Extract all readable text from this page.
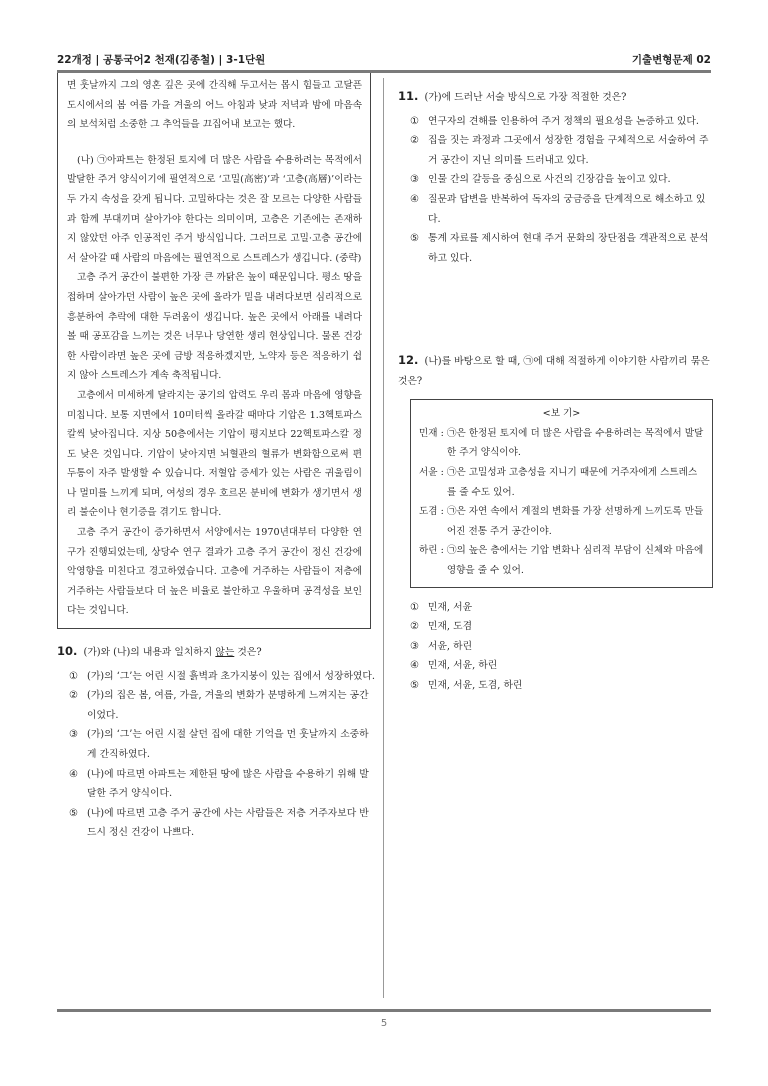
22개정 | 공통국어2 천재(김종철) | 3-1단원	기출변형문제 02

면 훗날까지 그의 영혼 깊은 곳에 간직해 두고서는 몹시 힘들고 고달픈 도시에서의 봄 여름 가을 겨울의 어느 아침과 낮과 저녁과 밤에 마음속의 보석처럼 소중한 그 추억들을 끄집어내 보고는 했다.

(나) ㉠아파트는 한정된 토지에 더 많은 사람을 수용하려는 목적에서 발달한 주거 양식이기에 필연적으로 ‘고밀(高密)’과 ‘고층(高層)’이라는 두 가지 속성을 갖게 됩니다. 고밀하다는 것은 잘 모르는 다양한 사람들과 함께 부대끼며 살아가야 한다는 의미이며, 고층은 기존에는 존재하지 않았던 아주 인공적인 주거 방식입니다. 그러므로 고밀·고층 공간에서 살아갈 때 사람의 마음에는 필연적으로 스트레스가 생깁니다. (중략)

고층 주거 공간이 불편한 가장 큰 까닭은 높이 때문입니다. 평소 땅을 접하며 살아가던 사람이 높은 곳에 올라가 밑을 내려다보면 심리적으로 흥분하여 추락에 대한 두려움이 생깁니다. 높은 곳에서 아래를 내려다볼 때 공포감을 느끼는 것은 너무나 당연한 생리 현상입니다. 물론 건강한 사람이라면 높은 곳에 금방 적응하겠지만, 노약자 등은 적응하기 쉽지 않아 스트레스가 계속 축적됩니다.

고층에서 미세하게 달라지는 공기의 압력도 우리 몸과 마음에 영향을 미칩니다. 보통 지면에서 10미터씩 올라갈 때마다 기압은 1.3헥토파스칼씩 낮아집니다. 지상 50층에서는 기압이 평지보다 22헥토파스칼 정도 낮은 것입니다. 기압이 낮아지면 뇌혈관의 혈류가 변화함으로써 편두통이 자주 발생할 수 있습니다. 저혈압 증세가 있는 사람은 귀울림이나 멀미를 느끼게 되며, 여성의 경우 호르몬 분비에 변화가 생기면서 생리 불순이나 현기증을 겪기도 합니다.

고층 주거 공간이 증가하면서 서양에서는 1970년대부터 다양한 연구가 진행되었는데, 상당수 연구 결과가 고층 주거 공간이 정신 건강에 악영향을 미친다고 경고하였습니다. 고층에 거주하는 사람들이 저층에 거주하는 사람들보다 더 높은 비율로 불안하고 우울하며 공격성을 보인다는 것입니다.

10. (가)와 (나)의 내용과 일치하지 않는 것은?

① (가)의 ‘그’는 어린 시절 흙벽과 초가지붕이 있는 집에서 성장하였다.
② (가)의 집은 봄, 여름, 가을, 겨울의 변화가 분명하게 느껴지는 공간이었다.
③ (가)의 ‘그’는 어린 시절 살던 집에 대한 기억을 먼 훗날까지 소중하게 간직하였다.
④ (나)에 따르면 아파트는 제한된 땅에 많은 사람을 수용하기 위해 발달한 주거 양식이다.
⑤ (나)에 따르면 고층 주거 공간에 사는 사람들은 저층 거주자보다 반드시 정신 건강이 나쁘다.

11. (가)에 드러난 서술 방식으로 가장 적절한 것은?

① 연구자의 견해를 인용하여 주거 정책의 필요성을 논증하고 있다.
② 집을 짓는 과정과 그곳에서 성장한 경험을 구체적으로 서술하여 주거 공간이 지닌 의미를 드러내고 있다.
③ 인물 간의 갈등을 중심으로 사건의 긴장감을 높이고 있다.
④ 질문과 답변을 반복하여 독자의 궁금증을 단계적으로 해소하고 있다.
⑤ 통계 자료를 제시하여 현대 주거 문화의 장단점을 객관적으로 분석하고 있다.

12. (나)를 바탕으로 할 때, ㉠에 대해 적절하게 이야기한 사람끼리 묶은 것은?

<보 기>
민재 : ㉠은 한정된 토지에 더 많은 사람을 수용하려는 목적에서 발달한 주거 양식이야.
서윤 : ㉠은 고밀성과 고층성을 지니기 때문에 거주자에게 스트레스를 줄 수도 있어.
도겸 : ㉠은 자연 속에서 계절의 변화를 가장 선명하게 느끼도록 만들어진 전통 주거 공간이야.
하린 : ㉠의 높은 층에서는 기압 변화나 심리적 부담이 신체와 마음에 영향을 줄 수 있어.
① 민재, 서윤
② 민재, 도겸
③ 서윤, 하린
④ 민재, 서윤, 하린
⑤ 민재, 서윤, 도겸, 하린
5
